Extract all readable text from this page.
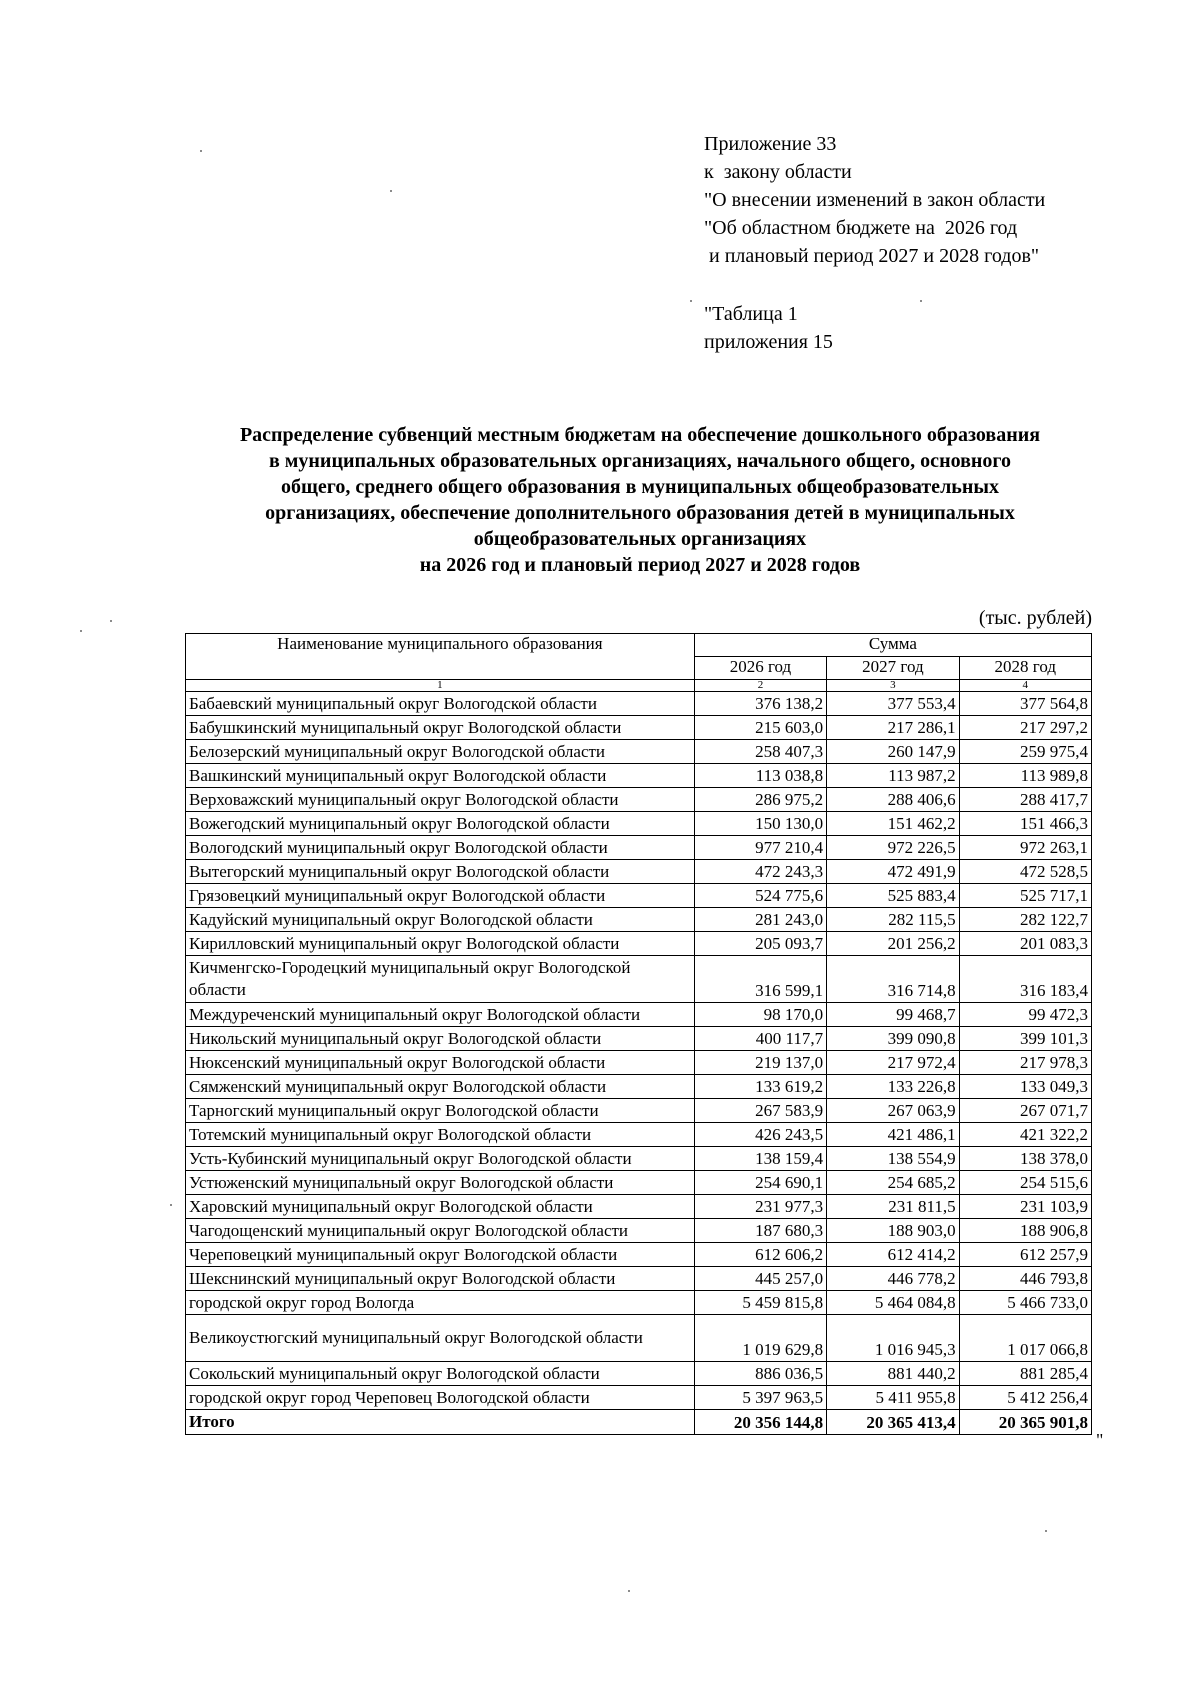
Приложение 33
к  закону области
"О внесении изменений в закон области
"Об областном бюджете на  2026 год
и плановый период 2027 и 2028 годов"
"Таблица 1
приложения 15
Распределение субвенций местным бюджетам на обеспечение дошкольного образования
в муниципальных образовательных организациях, начального общего, основного
общего, среднего общего образования в муниципальных общеобразовательных
организациях, обеспечение дополнительного образования детей в муниципальных
общеобразовательных организациях
на 2026 год и плановый период 2027 и 2028 годов
(тыс. рублей)
Наименование муниципального образования	Сумма		
	2026 год	2027 год	2028 год
1	2	3	4
Бабаевский муниципальный округ Вологодской области	376 138,2	377 553,4	377 564,8
Бабушкинский муниципальный округ Вологодской области	215 603,0	217 286,1	217 297,2
Белозерский муниципальный округ Вологодской области	258 407,3	260 147,9	259 975,4
Вашкинский муниципальный округ Вологодской области	113 038,8	113 987,2	113 989,8
Верховажский муниципальный округ Вологодской области	286 975,2	288 406,6	288 417,7
Вожегодский муниципальный округ Вологодской области	150 130,0	151 462,2	151 466,3
Вологодский муниципальный округ Вологодской области	977 210,4	972 226,5	972 263,1
Вытегорский муниципальный округ Вологодской области	472 243,3	472 491,9	472 528,5
Грязовецкий муниципальный округ Вологодской области	524 775,6	525 883,4	525 717,1
Кадуйский муниципальный округ Вологодской области	281 243,0	282 115,5	282 122,7
Кирилловский муниципальный округ Вологодской области	205 093,7	201 256,2	201 083,3
Кичменгско-Городецкий муниципальный округ Вологодской области	316 599,1	316 714,8	316 183,4
Междуреченский муниципальный округ Вологодской области	98 170,0	99 468,7	99 472,3
Никольский муниципальный округ Вологодской области	400 117,7	399 090,8	399 101,3
Нюксенский муниципальный округ Вологодской области	219 137,0	217 972,4	217 978,3
Сямженский муниципальный округ Вологодской области	133 619,2	133 226,8	133 049,3
Тарногский муниципальный округ Вологодской области	267 583,9	267 063,9	267 071,7
Тотемский муниципальный округ Вологодской области	426 243,5	421 486,1	421 322,2
Усть-Кубинский муниципальный округ Вологодской области	138 159,4	138 554,9	138 378,0
Устюженский муниципальный округ Вологодской области	254 690,1	254 685,2	254 515,6
Харовский муниципальный округ Вологодской области	231 977,3	231 811,5	231 103,9
Чагодощенский муниципальный округ Вологодской области	187 680,3	188 903,0	188 906,8
Череповецкий муниципальный округ Вологодской области	612 606,2	612 414,2	612 257,9
Шекснинский муниципальный округ Вологодской области	445 257,0	446 778,2	446 793,8
городской округ город Вологда	5 459 815,8	5 464 084,8	5 466 733,0
Великоустюгский муниципальный округ Вологодской области	1 019 629,8	1 016 945,3	1 017 066,8
Сокольский муниципальный округ Вологодской области	886 036,5	881 440,2	881 285,4
городской округ город Череповец Вологодской области	5 397 963,5	5 411 955,8	5 412 256,4
Итого	20 356 144,8	20 365 413,4	20 365 901,8
"
